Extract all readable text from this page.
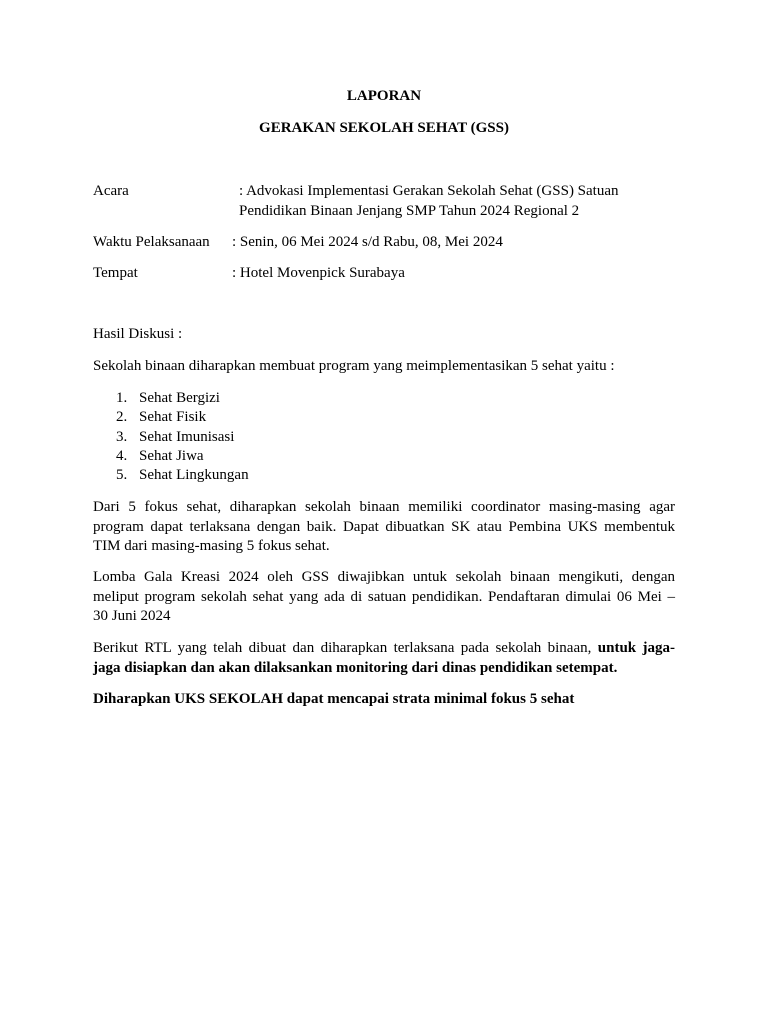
LAPORAN
GERAKAN SEKOLAH SEHAT (GSS)
Acara	: Advokasi Implementasi Gerakan Sekolah Sehat (GSS) Satuan
Pendidikan Binaan Jenjang SMP Tahun 2024 Regional 2
Waktu Pelaksanaan : Senin, 06 Mei 2024 s/d Rabu, 08, Mei 2024
Tempat	: Hotel Movenpick Surabaya
Hasil Diskusi :
Sekolah binaan diharapkan membuat program yang meimplementasikan 5 sehat yaitu :
1. Sehat Bergizi
2. Sehat Fisik
3. Sehat Imunisasi
4. Sehat Jiwa
5. Sehat Lingkungan
Dari 5 fokus sehat, diharapkan sekolah binaan memiliki coordinator masing-masing agar
program dapat terlaksana dengan baik. Dapat dibuatkan SK atau Pembina UKS membentuk
TIM dari masing-masing 5 fokus sehat.
Lomba Gala Kreasi 2024 oleh GSS diwajibkan untuk sekolah binaan mengikuti, dengan
meliput program sekolah sehat yang ada di satuan pendidikan. Pendaftaran dimulai 06 Mei –
30 Juni 2024
Berikut RTL yang telah dibuat dan diharapkan terlaksana pada sekolah binaan, untuk jaga-
jaga disiapkan dan akan dilaksankan monitoring dari dinas pendidikan setempat.
Diharapkan UKS SEKOLAH dapat mencapai strata minimal fokus 5 sehat
